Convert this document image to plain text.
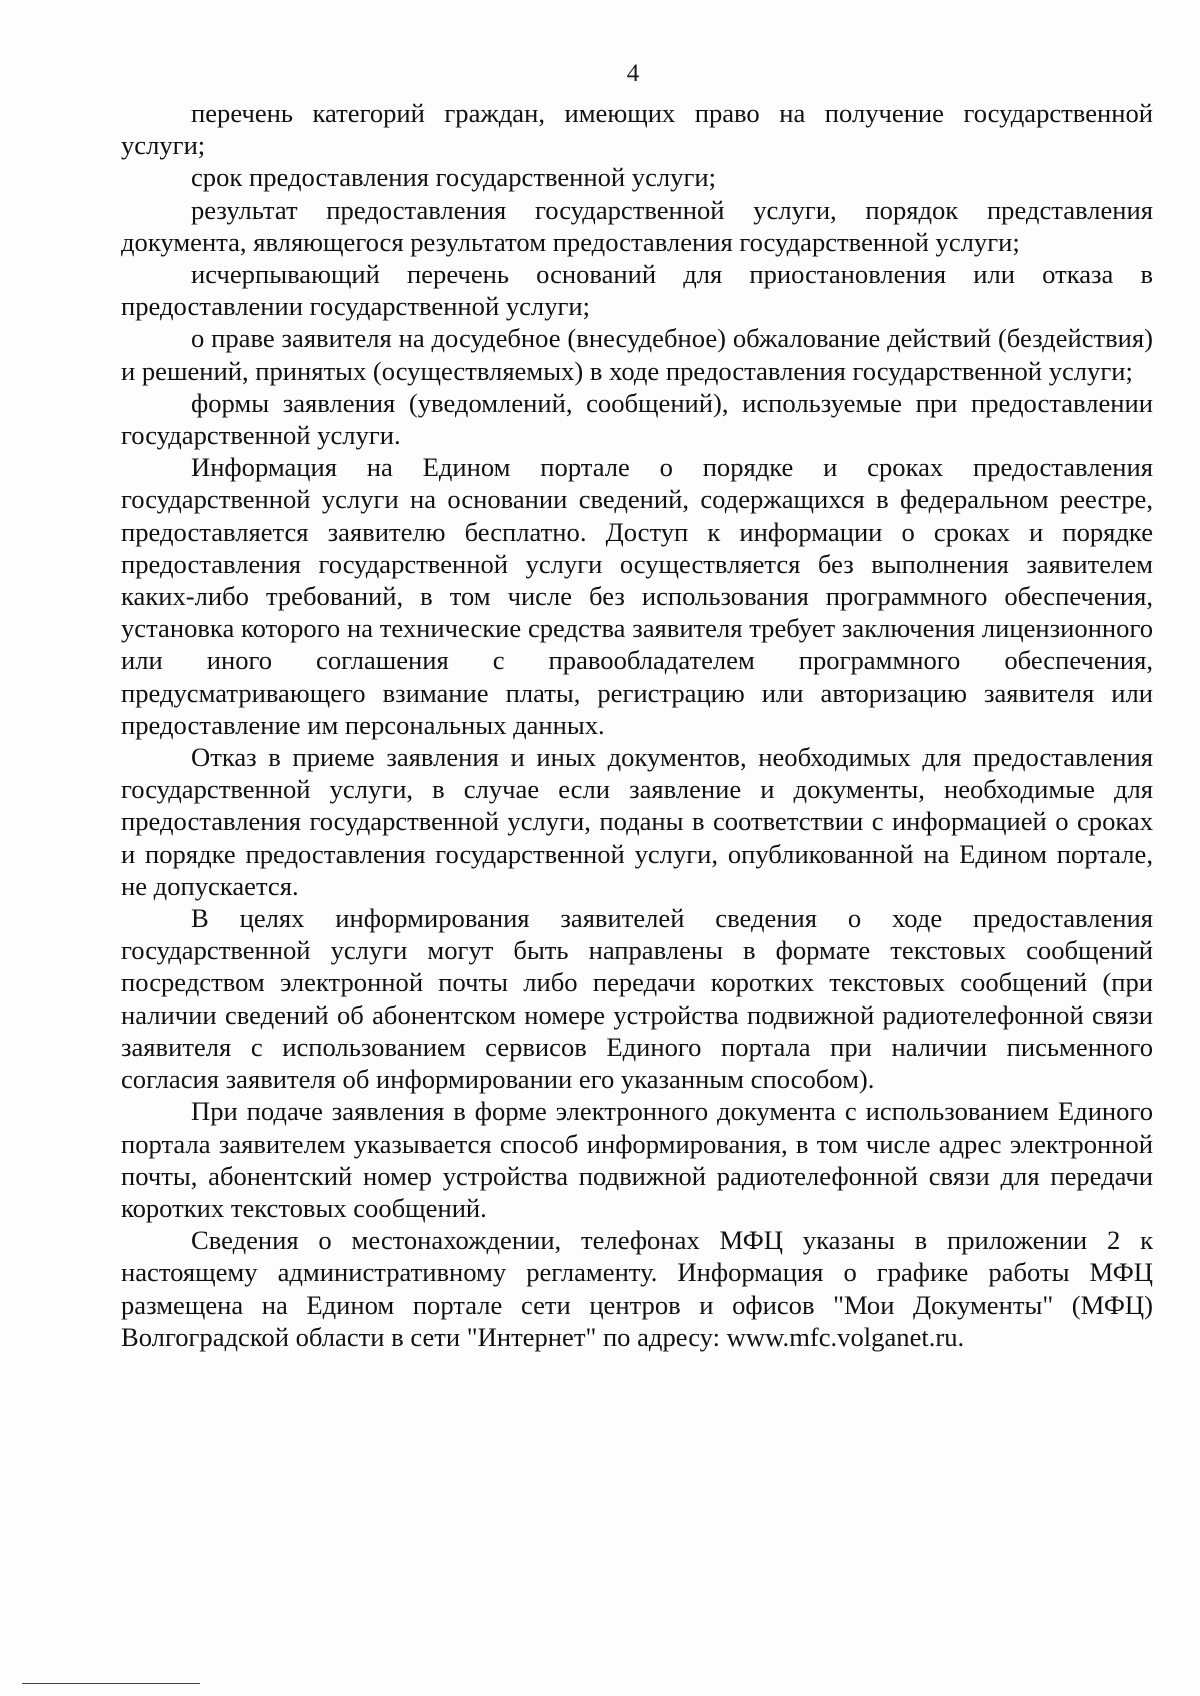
4

перечень категорий граждан, имеющих право на получение государственной услуги;

срок предоставления государственной услуги;

результат предоставления государственной услуги, порядок представления документа, являющегося результатом предоставления государственной услуги;

исчерпывающий перечень оснований для приостановления или отказа в предоставлении государственной услуги;

о праве заявителя на досудебное (внесудебное) обжалование действий (бездействия) и решений, принятых (осуществляемых) в ходе предоставления государственной услуги;

формы заявления (уведомлений, сообщений), используемые при предоставлении государственной услуги.

Информация на Едином портале о порядке и сроках предоставления государственной услуги на основании сведений, содержащихся в федеральном реестре, предоставляется заявителю бесплатно. Доступ к информации о сроках и порядке предоставления государственной услуги осуществляется без выполнения заявителем каких-либо требований, в том числе без использования программного обеспечения, установка которого на технические средства заявителя требует заключения лицензионного или иного соглашения с правообладателем программного обеспечения, предусматривающего взимание платы, регистрацию или авторизацию заявителя или предоставление им персональных данных.

Отказ в приеме заявления и иных документов, необходимых для предоставления государственной услуги, в случае если заявление и документы, необходимые для предоставления государственной услуги, поданы в соответствии с информацией о сроках и порядке предоставления государственной услуги, опубликованной на Едином портале, не допускается.

В целях информирования заявителей сведения о ходе предоставления государственной услуги могут быть направлены в формате текстовых сообщений посредством электронной почты либо передачи коротких текстовых сообщений (при наличии сведений об абонентском номере устройства подвижной радиотелефонной связи заявителя с использованием сервисов Единого портала при наличии письменного согласия заявителя об информировании его указанным способом).

При подаче заявления в форме электронного документа с использованием Единого портала заявителем указывается способ информирования, в том числе адрес электронной почты, абонентский номер устройства подвижной радиотелефонной связи для передачи коротких текстовых сообщений.

Сведения о местонахождении, телефонах МФЦ указаны в приложении 2 к настоящему административному регламенту. Информация о графике работы МФЦ размещена на Едином портале сети центров и офисов "Мои Документы" (МФЦ) Волгоградской области в сети "Интернет" по адресу: www.mfc.volganet.ru.
